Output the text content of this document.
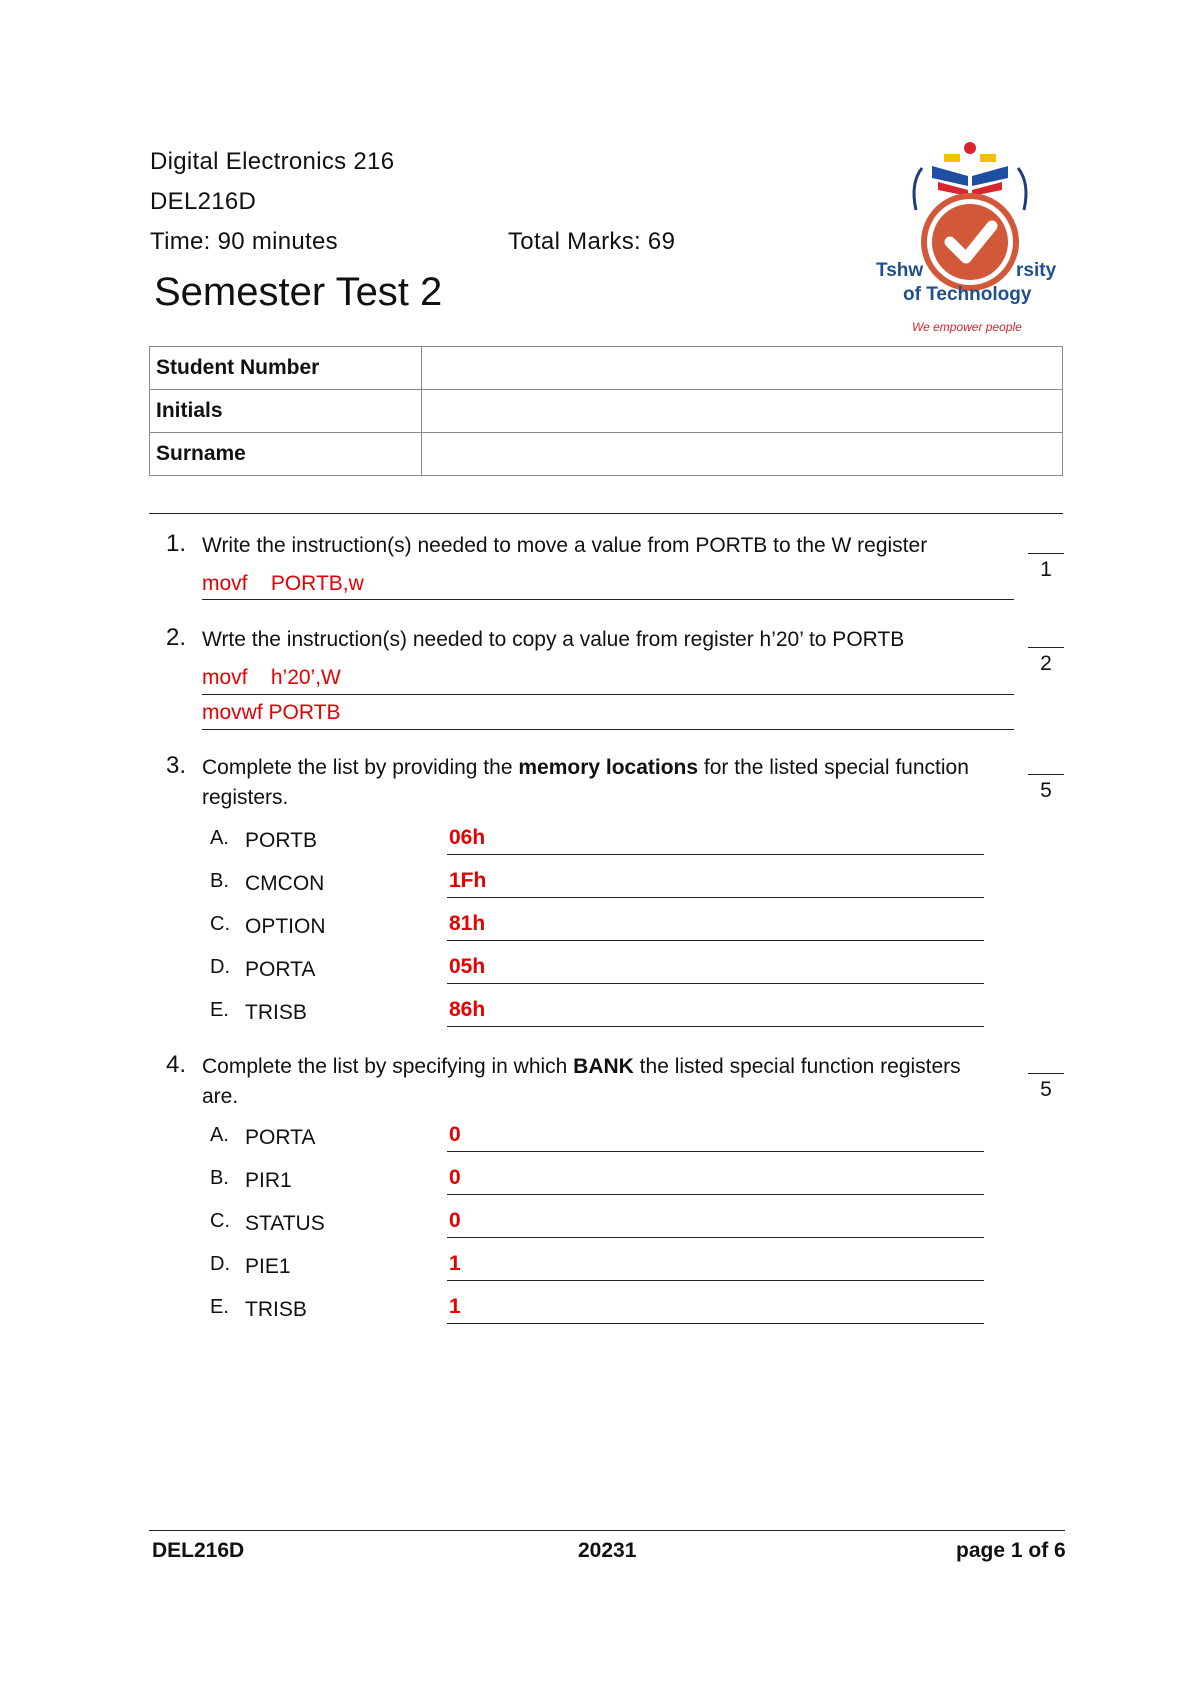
Digital Electronics 216
DEL216D
Time: 90 minutes	Total Marks: 69
Semester Test 2	Tshw	rsity
of Technology
We empower people
Student Number	
Initials	
Surname	
1. Write the instruction(s) needed to move a value from PORTB to the W register
movf    PORTB,w
1
2. Wrte the instruction(s) needed to copy a value from register h’20’ to PORTB
movf    h’20’,W
movwf PORTB
2
3. Complete the list by providing the memory locations for the listed special function
registers.	5
A. PORTB	06h
B. CMCON	1Fh
C. OPTION	81h
D. PORTA	05h
E. TRISB	86h
4. Complete the list by specifying in which BANK the listed special function registers
are.	5
A. PORTA	0
B. PIR1	0
C. STATUS	0
D. PIE1	1
E. TRISB	1
DEL216D	20231	page 1 of 6
